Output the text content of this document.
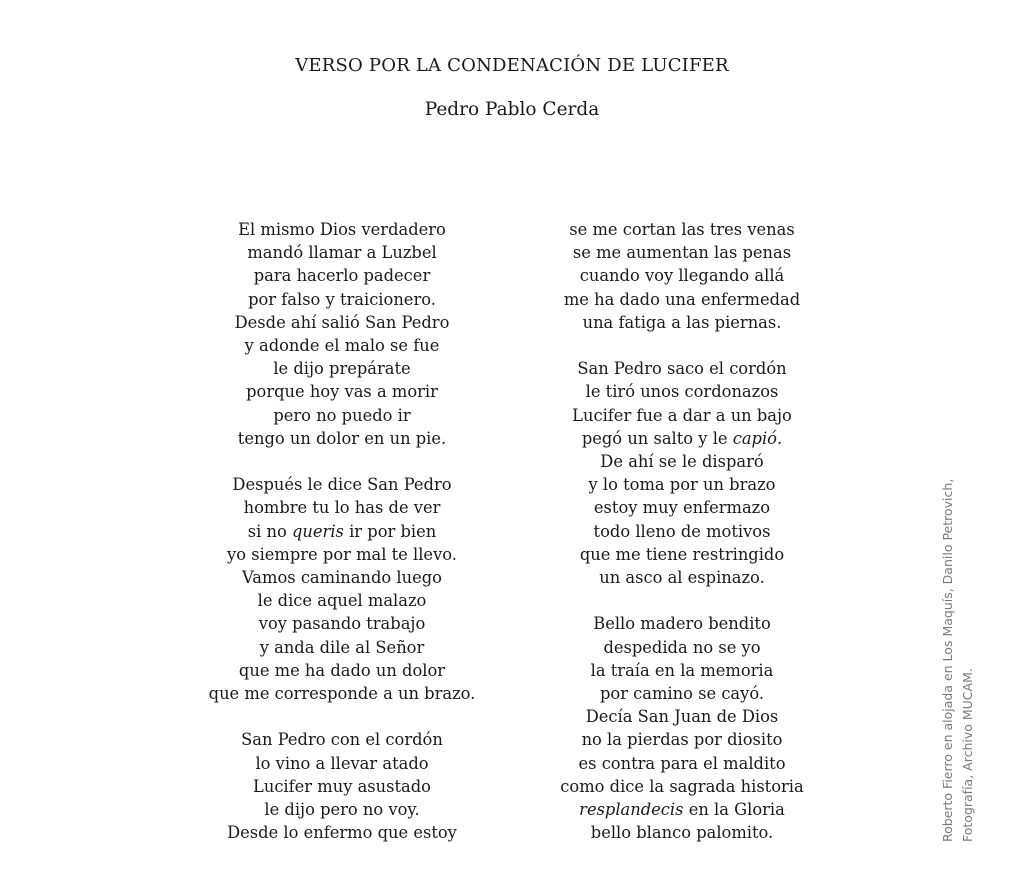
VERSO POR LA CONDENACIÓN DE LUCIFER
Pedro Pablo Cerda
El mismo Dios verdadero
mandó llamar a Luzbel
para hacerlo padecer
por falso y traicionero.
Desde ahí salió San Pedro
y adonde el malo se fue
le dijo prepárate
porque hoy vas a morir
pero no puedo ir
tengo un dolor en un pie.
Después le dice San Pedro
hombre tu lo has de ver
si no queris ir por bien
yo siempre por mal te llevo.
Vamos caminando luego
le dice aquel malazo
voy pasando trabajo
y anda dile al Señor
que me ha dado un dolor
que me corresponde a un brazo.
San Pedro con el cordón
lo vino a llevar atado
Lucifer muy asustado
le dijo pero no voy.
Desde lo enfermo que estoy
se me cortan las tres venas
se me aumentan las penas
cuando voy llegando allá
me ha dado una enfermedad
una fatiga a las piernas.
San Pedro saco el cordón
le tiró unos cordonazos
Lucifer fue a dar a un bajo
pegó un salto y le capió.
De ahí se le disparó
y lo toma por un brazo
estoy muy enfermazo
todo lleno de motivos
que me tiene restringido
un asco al espinazo.
Bello madero bendito
despedida no se yo
la traía en la memoria
por camino se cayó.
Decía San Juan de Dios
no la pierdas por diosito
es contra para el maldito
como dice la sagrada historia
resplandecis en la Gloria
bello blanco palomito.	Roberto Fierro en alojada en Los Maquís, Danilo Petrovich, Fotografía, Archivo MUCAM.
